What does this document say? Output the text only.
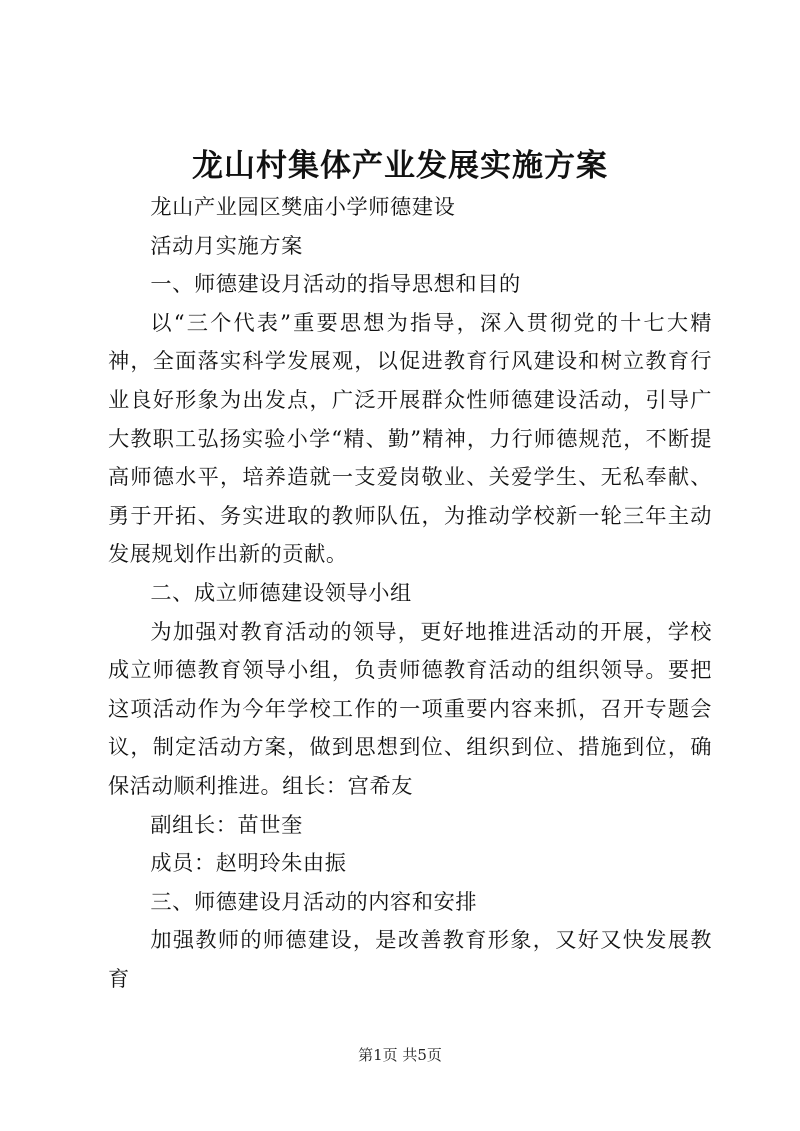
龙山村集体产业发展实施方案

龙山产业园区樊庙小学师德建设

活动月实施方案

一、师德建设月活动的指导思想和目的

以“三个代表”重要思想为指导，深入贯彻党的十七大精神，全面落实科学发展观，以促进教育行风建设和树立教育行业良好形象为出发点，广泛开展群众性师德建设活动，引导广大教职工弘扬实验小学“精、勤”精神，力行师德规范，不断提高师德水平，培养造就一支爱岗敬业、关爱学生、无私奉献、勇于开拓、务实进取的教师队伍，为推动学校新一轮三年主动发展规划作出新的贡献。

二、成立师德建设领导小组

为加强对教育活动的领导，更好地推进活动的开展，学校成立师德教育领导小组，负责师德教育活动的组织领导。要把这项活动作为今年学校工作的一项重要内容来抓，召开专题会议，制定活动方案，做到思想到位、组织到位、措施到位，确保活动顺利推进。组长：宫希友

副组长：苗世奎

成员：赵明玲朱由振

三、师德建设月活动的内容和安排

加强教师的师德建设，是改善教育形象，又好又快发展教育

第1页 共5页
